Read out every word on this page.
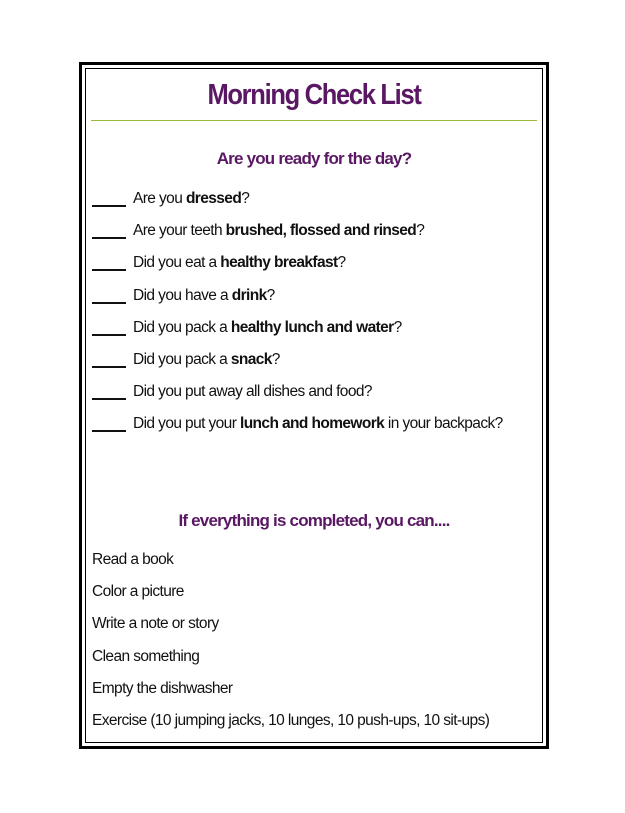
Morning Check List
Are you ready for the day?
Are you dressed?
Are your teeth brushed, flossed and rinsed?
Did you eat a healthy breakfast?
Did you have a drink?
Did you pack a healthy lunch and water?
Did you pack a snack?
Did you put away all dishes and food?
Did you put your lunch and homework in your backpack?
If everything is completed, you can....
Read a book
Color a picture
Write a note or story
Clean something
Empty the dishwasher
Exercise (10 jumping jacks, 10 lunges, 10 push-ups, 10 sit-ups)
